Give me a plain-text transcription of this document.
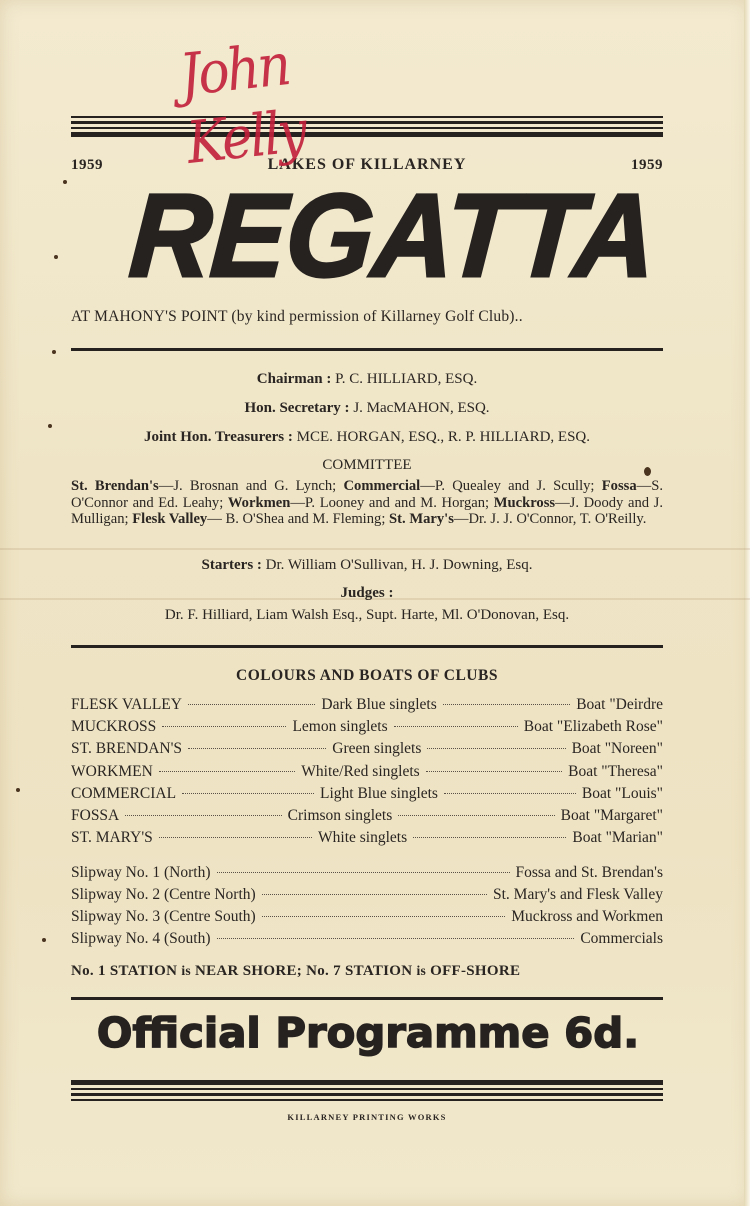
John Kelly
1959	LAKES OF KILLARNEY	1959
REGATTA
AT MAHONY'S POINT (by kind permission of Killarney Golf Club)..
Chairman : P. C. HILLIARD, ESQ.
Hon. Secretary : J. MacMAHON, ESQ.
Joint Hon. Treasurers : MCE. HORGAN, ESQ., R. P. HILLIARD, ESQ.
COMMITTEE
St. Brendan's—J. Brosnan and G. Lynch; Commercial—P. Quealey and J. Scully; Fossa—S. O'Connor and Ed. Leahy; Workmen—P. Looney and and M. Horgan; Muckross—J. Doody and J. Mulligan; Flesk Valley— B. O'Shea and M. Fleming; St. Mary's—Dr. J. J. O'Connor, T. O'Reilly.
Starters : Dr. William O'Sullivan, H. J. Downing, Esq.
Judges :
Dr. F. Hilliard, Liam Walsh Esq., Supt. Harte, Ml. O'Donovan, Esq.
COLOURS AND BOATS OF CLUBS
FLESK VALLEY	Dark Blue singlets	Boat "Deirdre
MUCKROSS	Lemon singlets	Boat "Elizabeth Rose"
ST. BRENDAN'S	Green singlets	Boat "Noreen"
WORKMEN	White/Red singlets	Boat "Theresa"
COMMERCIAL	Light Blue singlets	Boat "Louis"
FOSSA	Crimson singlets	Boat "Margaret"
ST. MARY'S	White singlets	Boat "Marian"
Slipway No. 1 (North)	Fossa and St. Brendan's
Slipway No. 2 (Centre North)	St. Mary's and Flesk Valley
Slipway No. 3 (Centre South)	Muckross and Workmen
Slipway No. 4 (South)	Commercials
No. 1 STATION is NEAR SHORE; No. 7 STATION is OFF-SHORE
Official Programme 6d.
KILLARNEY PRINTING WORKS
